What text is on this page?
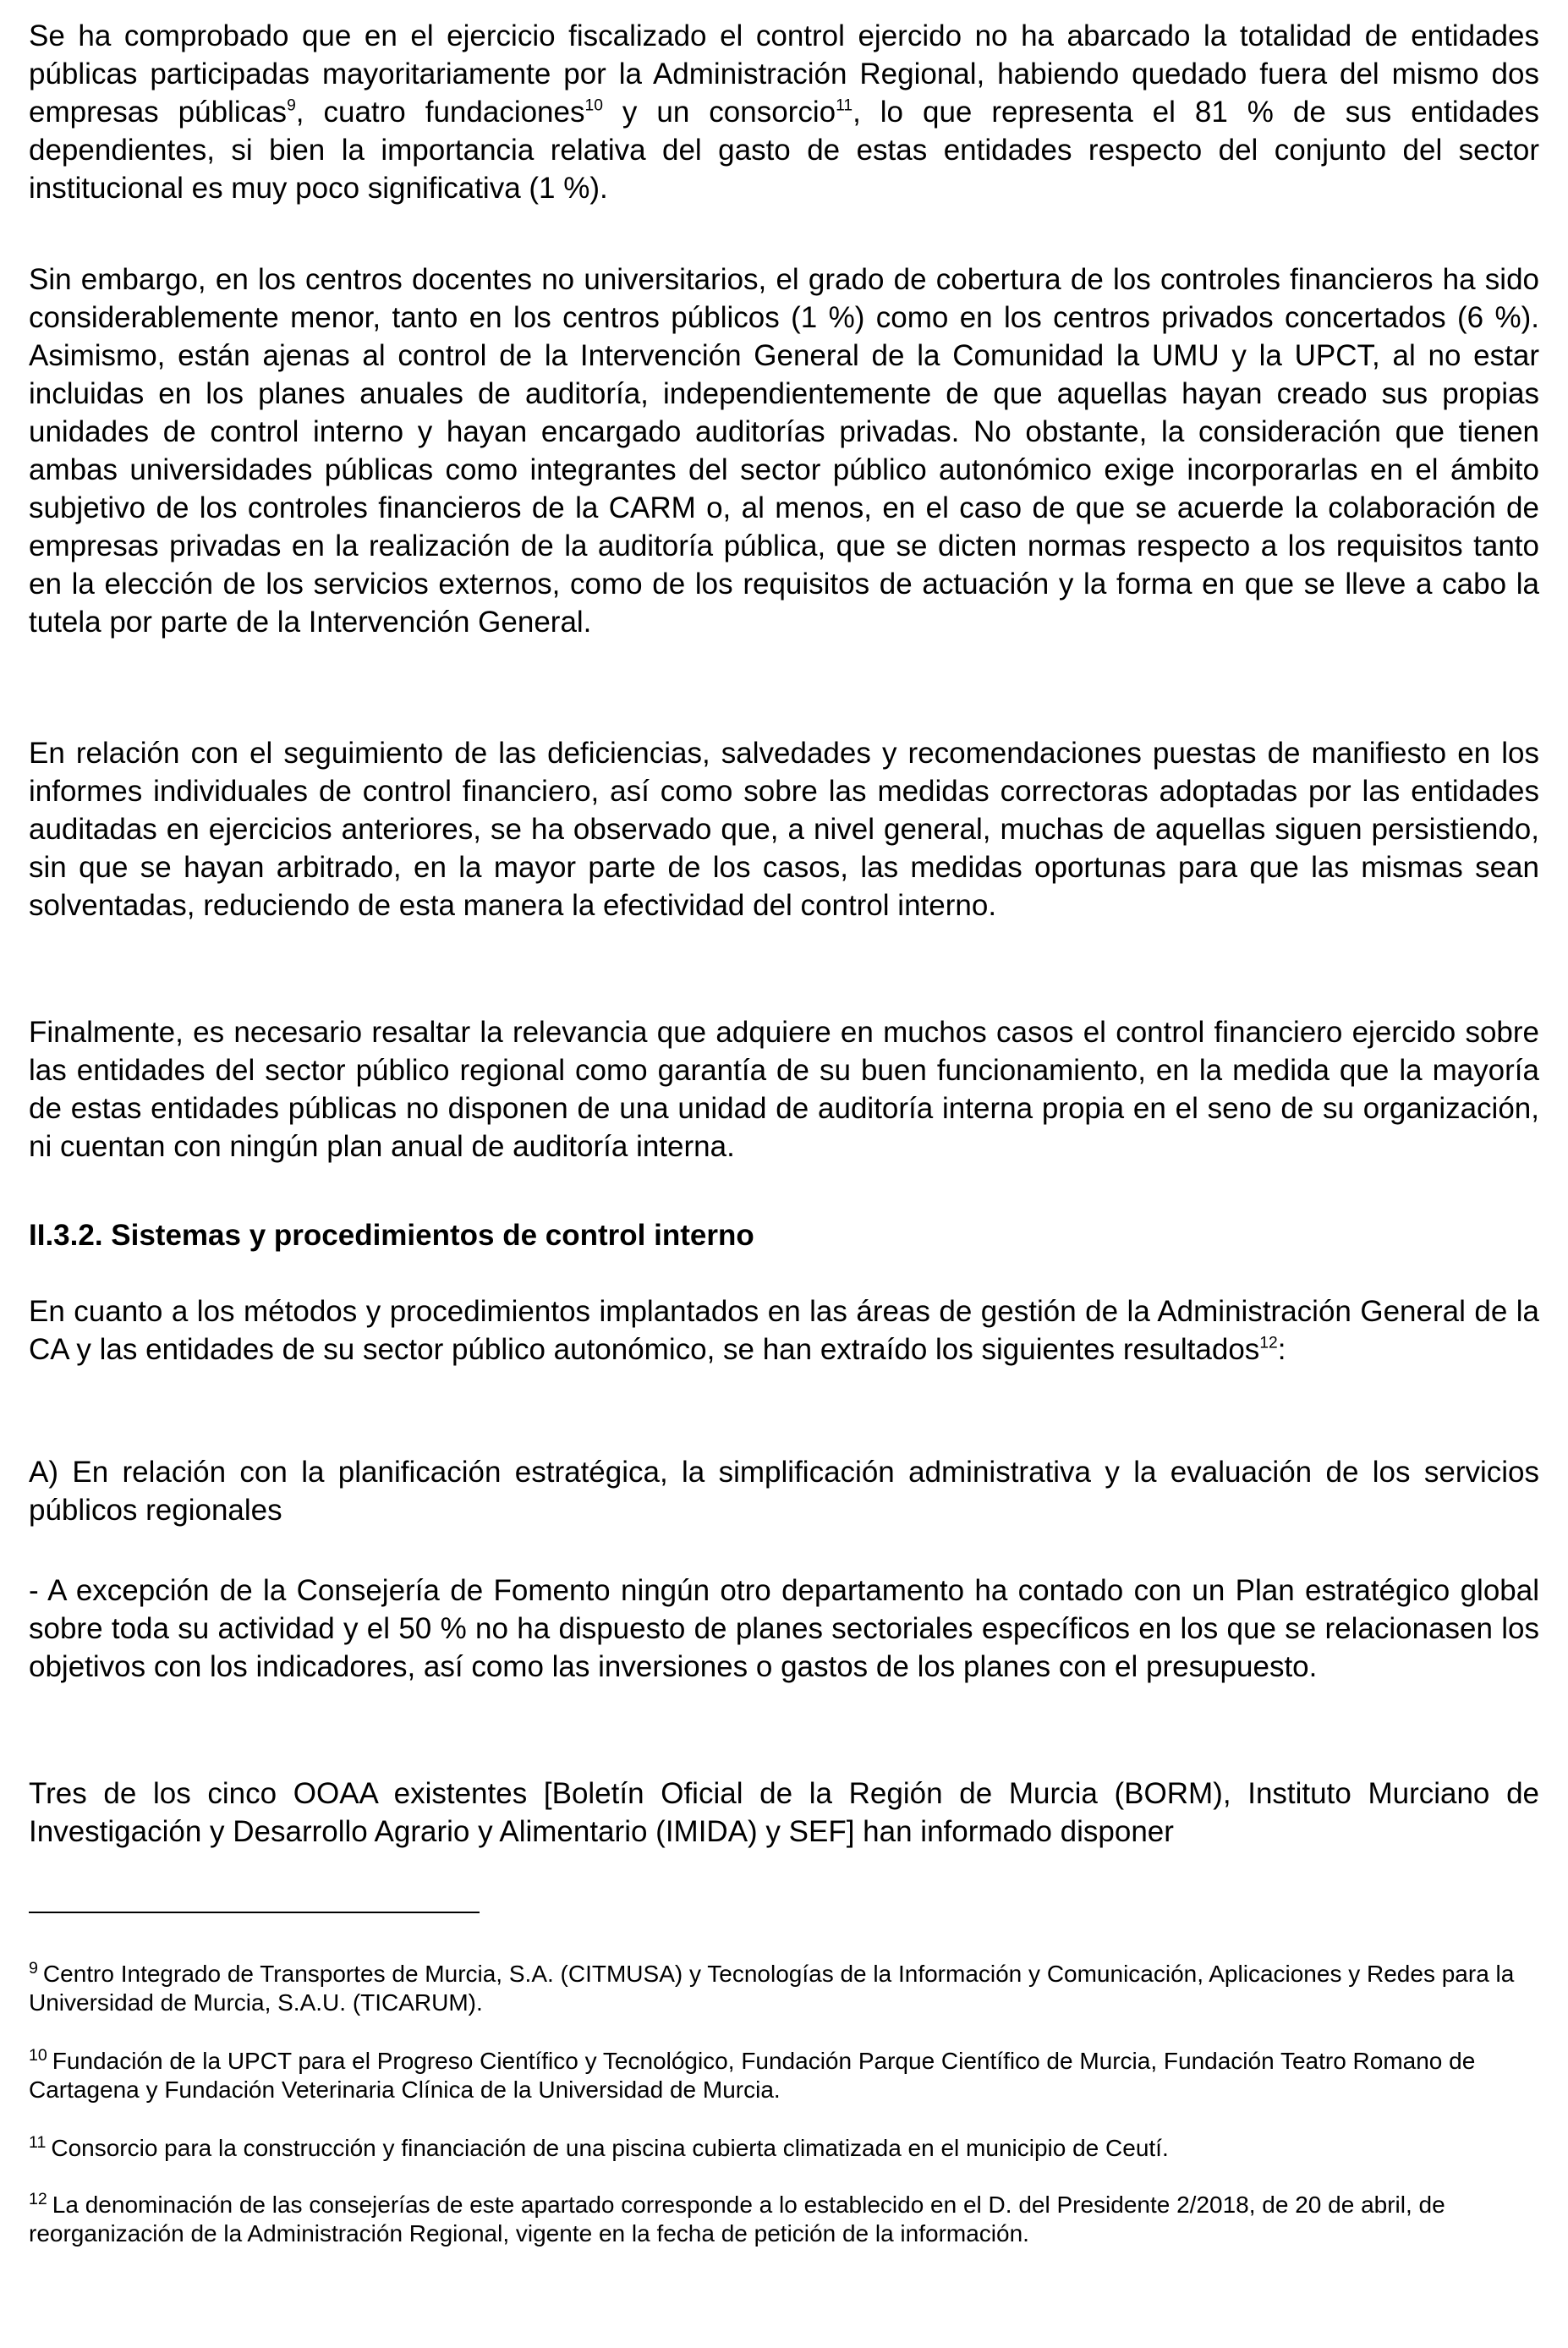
Se ha comprobado que en el ejercicio fiscalizado el control ejercido no ha abarcado la totalidad de entidades públicas participadas mayoritariamente por la Administración Regional, habiendo quedado fuera del mismo dos empresas públicas$^9$, cuatro fundaciones$^{10}$ y un consorcio$^{11}$, lo que representa el 81 % de sus entidades dependientes, si bien la importancia relativa del gasto de estas entidades respecto del conjunto del sector institucional es muy poco significativa (1 %).

Sin embargo, en los centros docentes no universitarios, el grado de cobertura de los controles financieros ha sido considerablemente menor, tanto en los centros públicos (1 %) como en los centros privados concertados (6 %). Asimismo, están ajenas al control de la Intervención General de la Comunidad la UMU y la UPCT, al no estar incluidas en los planes anuales de auditoría, independientemente de que aquellas hayan creado sus propias unidades de control interno y hayan encargado auditorías privadas. No obstante, la consideración que tienen ambas universidades públicas como integrantes del sector público autonómico exige incorporarlas en el ámbito subjetivo de los controles financieros de la CARM o, al menos, en el caso de que se acuerde la colaboración de empresas privadas en la realización de la auditoría pública, que se dicten normas respecto a los requisitos tanto en la elección de los servicios externos, como de los requisitos de actuación y la forma en que se lleve a cabo la tutela por parte de la Intervención General.

En relación con el seguimiento de las deficiencias, salvedades y recomendaciones puestas de manifiesto en los informes individuales de control financiero, así como sobre las medidas correctoras adoptadas por las entidades auditadas en ejercicios anteriores, se ha observado que, a nivel general, muchas de aquellas siguen persistiendo, sin que se hayan arbitrado, en la mayor parte de los casos, las medidas oportunas para que las mismas sean solventadas, reduciendo de esta manera la efectividad del control interno.

Finalmente, es necesario resaltar la relevancia que adquiere en muchos casos el control financiero ejercido sobre las entidades del sector público regional como garantía de su buen funcionamiento, en la medida que la mayoría de estas entidades públicas no disponen de una unidad de auditoría interna propia en el seno de su organización, ni cuentan con ningún plan anual de auditoría interna.

II.3.2. Sistemas y procedimientos de control interno

En cuanto a los métodos y procedimientos implantados en las áreas de gestión de la Administración General de la CA y las entidades de su sector público autonómico, se han extraído los siguientes resultados$^{12}$:

A) En relación con la planificación estratégica, la simplificación administrativa y la evaluación de los servicios públicos regionales

- A excepción de la Consejería de Fomento ningún otro departamento ha contado con un Plan estratégico global sobre toda su actividad y el 50 % no ha dispuesto de planes sectoriales específicos en los que se relacionasen los objetivos con los indicadores, así como las inversiones o gastos de los planes con el presupuesto.

Tres de los cinco OOAA existentes [Boletín Oficial de la Región de Murcia (BORM), Instituto Murciano de Investigación y Desarrollo Agrario y Alimentario (IMIDA) y SEF] han informado disponer

$^9$ Centro Integrado de Transportes de Murcia, S.A. (CITMUSA) y Tecnologías de la Información y Comunicación, Aplicaciones y Redes para la Universidad de Murcia, S.A.U. (TICARUM).

$^{10}$ Fundación de la UPCT para el Progreso Científico y Tecnológico, Fundación Parque Científico de Murcia, Fundación Teatro Romano de Cartagena y Fundación Veterinaria Clínica de la Universidad de Murcia.

$^{11}$ Consorcio para la construcción y financiación de una piscina cubierta climatizada en el municipio de Ceutí.

$^{12}$ La denominación de las consejerías de este apartado corresponde a lo establecido en el D. del Presidente 2/2018, de 20 de abril, de reorganización de la Administración Regional, vigente en la fecha de petición de la información.
